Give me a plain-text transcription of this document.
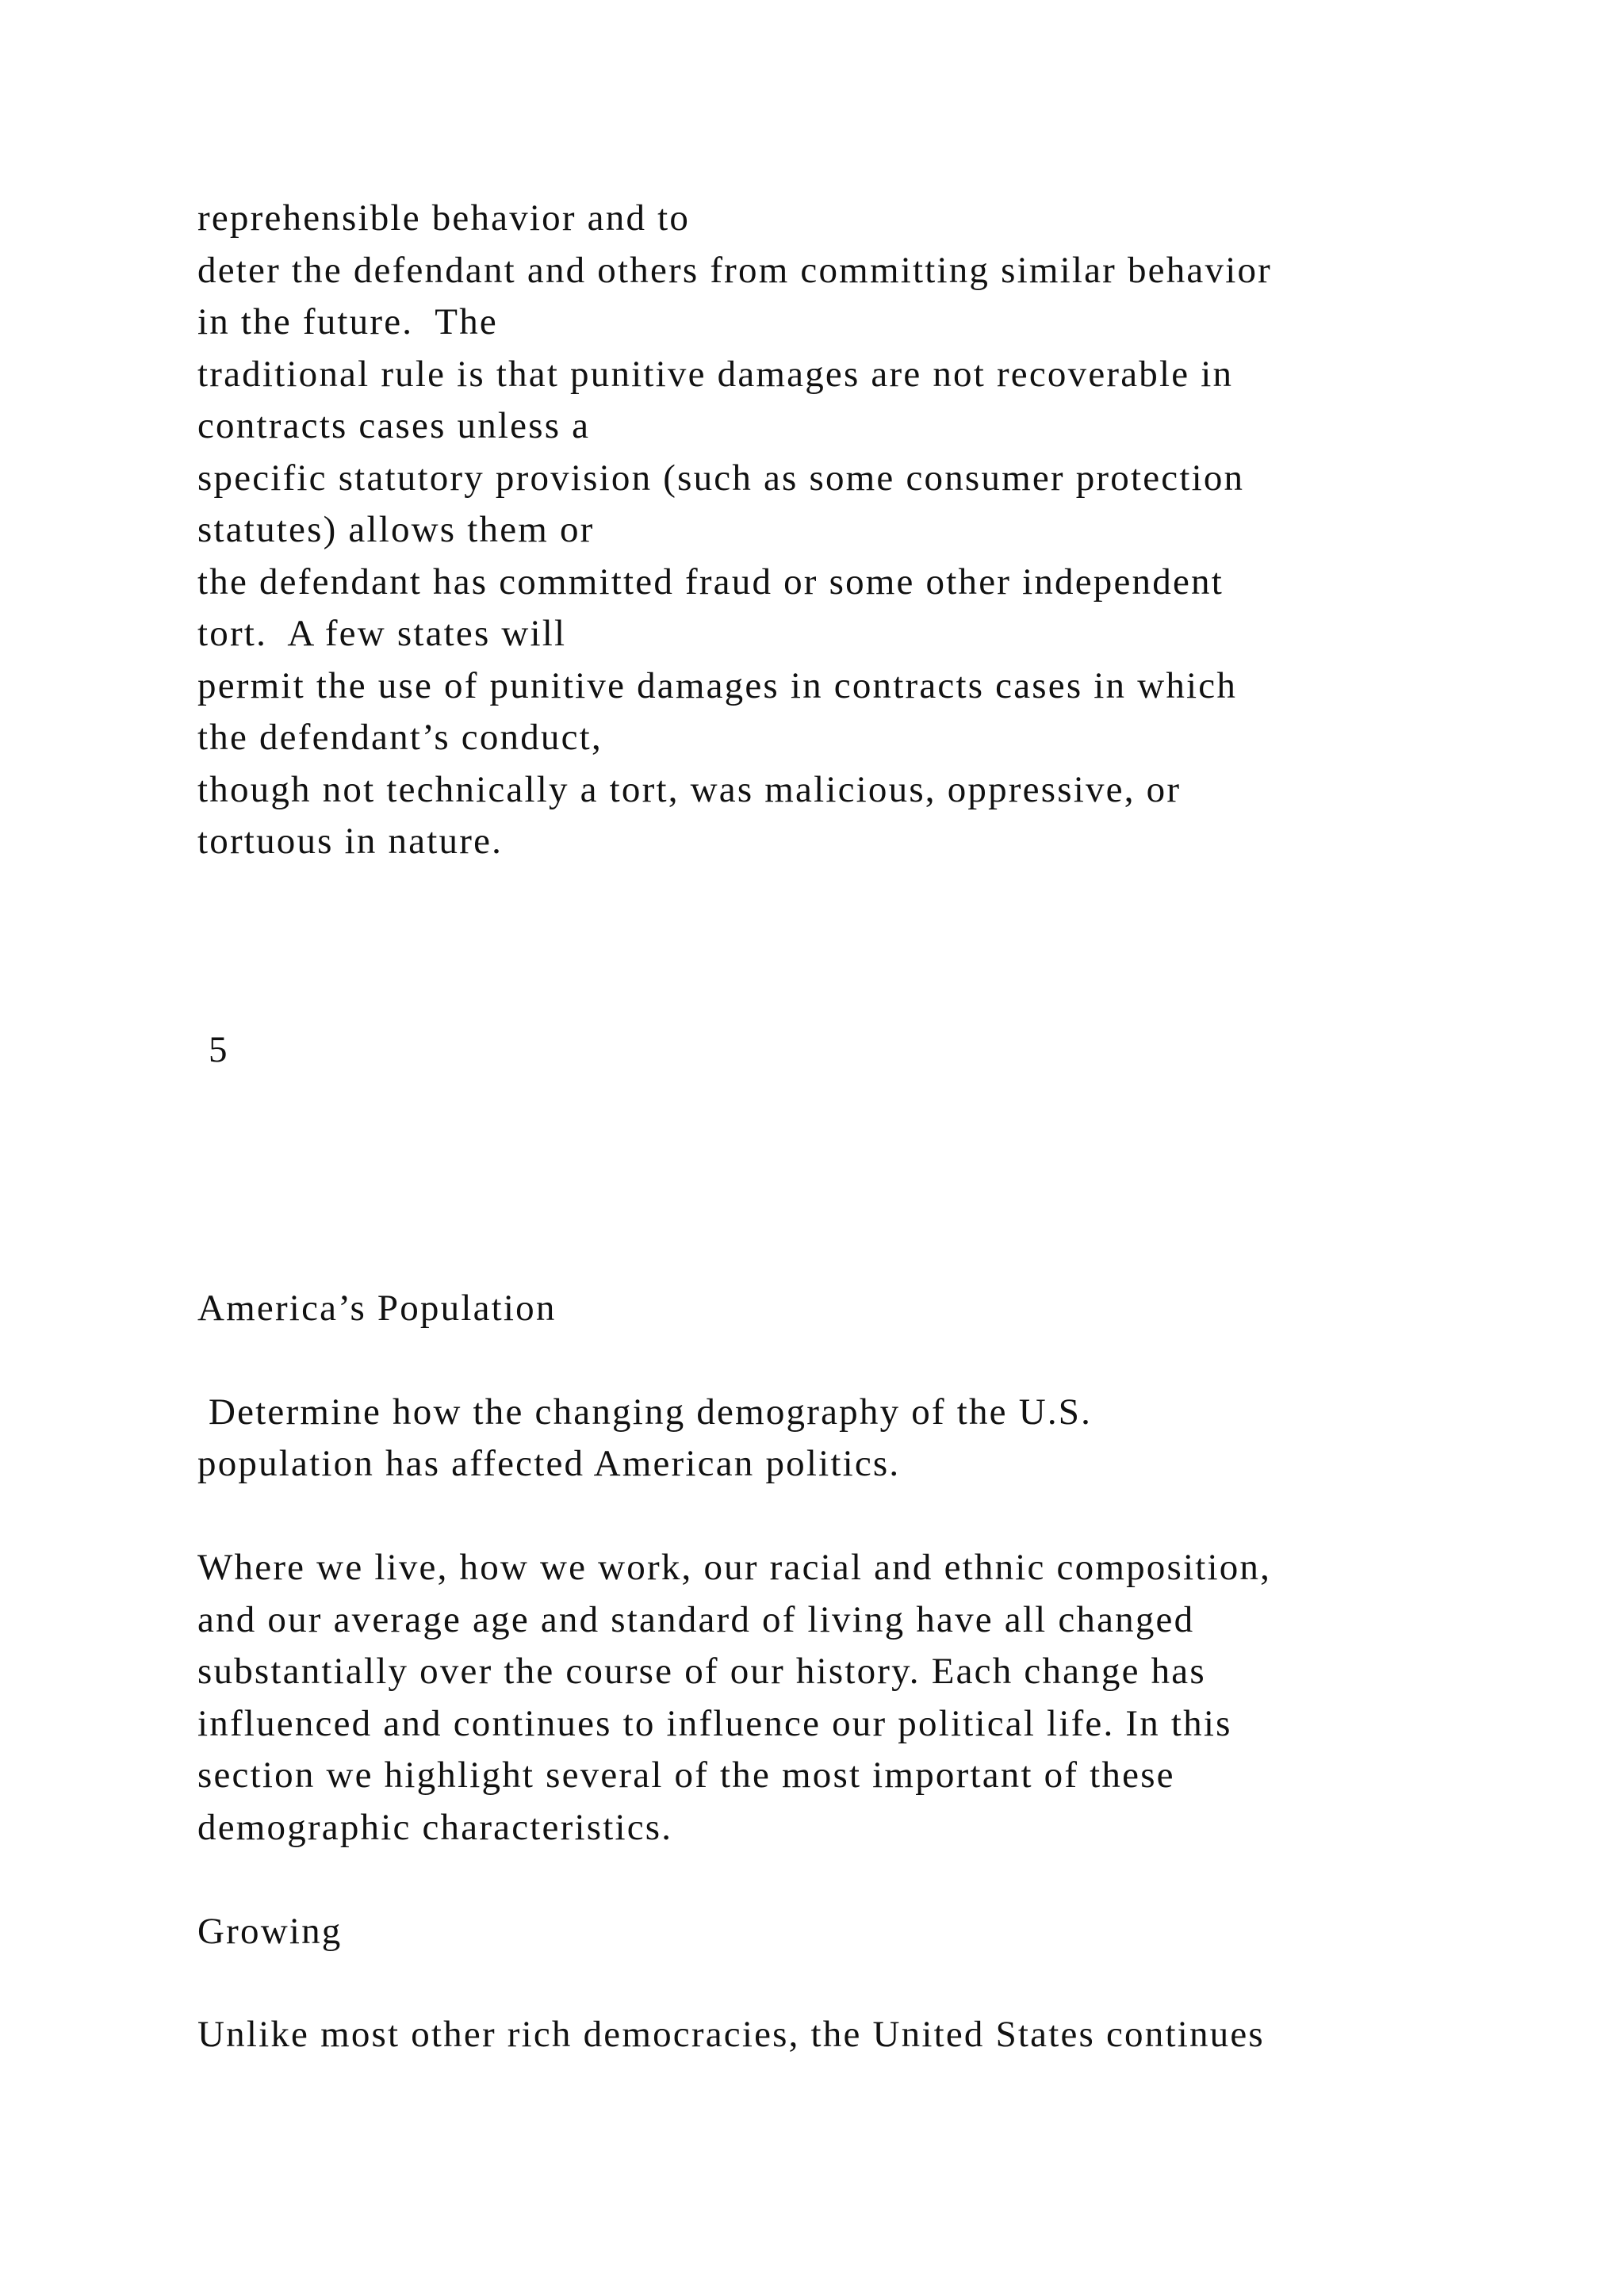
reprehensible behavior and to

deter the defendant and others from committing similar behavior

in the future.  The

traditional rule is that punitive damages are not recoverable in

contracts cases unless a

specific statutory provision (such as some consumer protection

statutes) allows them or

the defendant has committed fraud or some other independent

tort.  A few states will

permit the use of punitive damages in contracts cases in which

the defendant’s conduct,

though not technically a tort, was malicious, oppressive, or

tortuous in nature.

5

America’s Population

Determine how the changing demography of the U.S.

population has affected American politics.

Where we live, how we work, our racial and ethnic composition,

and our average age and standard of living have all changed

substantially over the course of our history. Each change has

influenced and continues to influence our political life. In this

section we highlight several of the most important of these

demographic characteristics.

Growing

Unlike most other rich democracies, the United States continues
